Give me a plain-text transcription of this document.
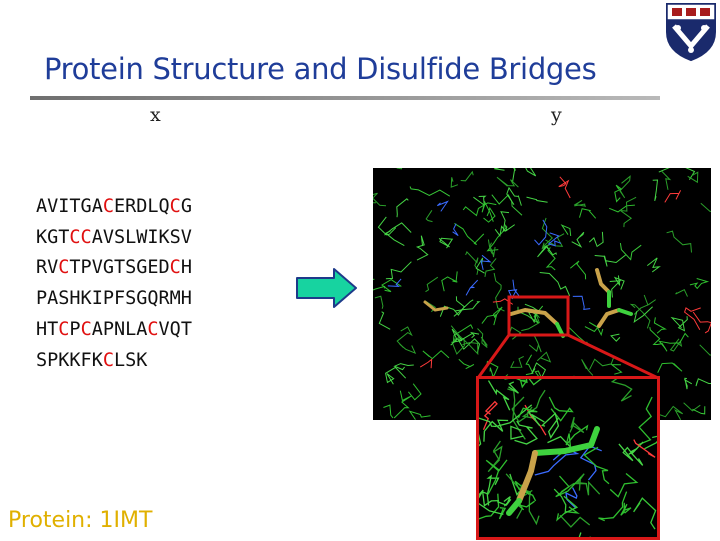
Protein Structure and Disulfide Bridges
x	y
AVITGACERDLQCG
KGTCCAVSLWIKSV
RVCTPVGTSGEDCH
PASHKIPFSGQRMH
HTCPCAPNLACVQT
SPKKFKCLSK
Protein: 1IMT
